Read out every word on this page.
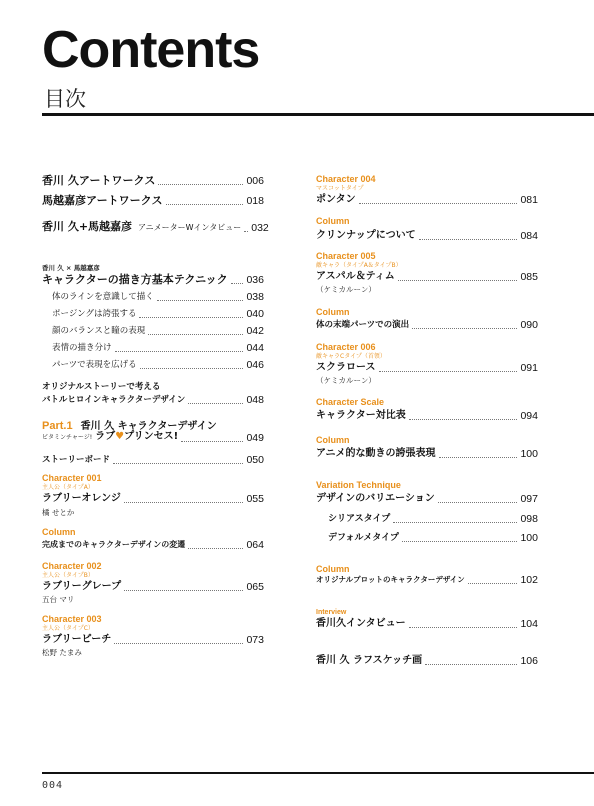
Contents
目次
香川 久アートワークス	006
馬越嘉彦アートワークス	018
香川 久+馬越嘉彦 アニメーターWインタビュー 032
香川 久 × 馬越嘉彦
キャラクターの描き方基本テクニック 036
体のラインを意識して描く	038
ポージングは誇張する	040
顔のバランスと瞳の表現	042
表情の描き分け	044
パーツで表現を広げる	046
オリジナルストーリーで考える
バトルヒロインキャラクターデザイン	048
Part.1 香川 久 キャラクターデザイン
ビタミンチャージ! ラブ♥プリンセス!	049
ストーリーボード	050
Character 001
主人公（タイプA）
ラブリーオレンジ	055
橘 せとか
Column
完成までのキャラクターデザインの変遷	064
Character 002
主人公（タイプB）
ラブリーグレープ	065
五台 マリ
Character 003
主人公（タイプC）
ラブリーピーチ	073
松野 たまみ
Character 004
マスコットタイプ
ポンタン	081
Column
クリンナップについて	084
Character 005
敵キャラ（タイプA＆タイプB）
アスパル＆ティム	085
（ケミカルーン）
Column
体の末端パーツでの演出	090
Character 006
敵キャラCタイプ（首領）
スクラロース	091
（ケミカルーン）
Character Scale
キャラクター対比表	094
Column
アニメ的な動きの誇張表現	100
Variation Technique
デザインのバリエーション	097
シリアスタイプ	098
デフォルメタイプ	100
Column
オリジナルプロットのキャラクターデザイン	102
Interview
香川久インタビュー	104
香川 久 ラフスケッチ画	106
004
